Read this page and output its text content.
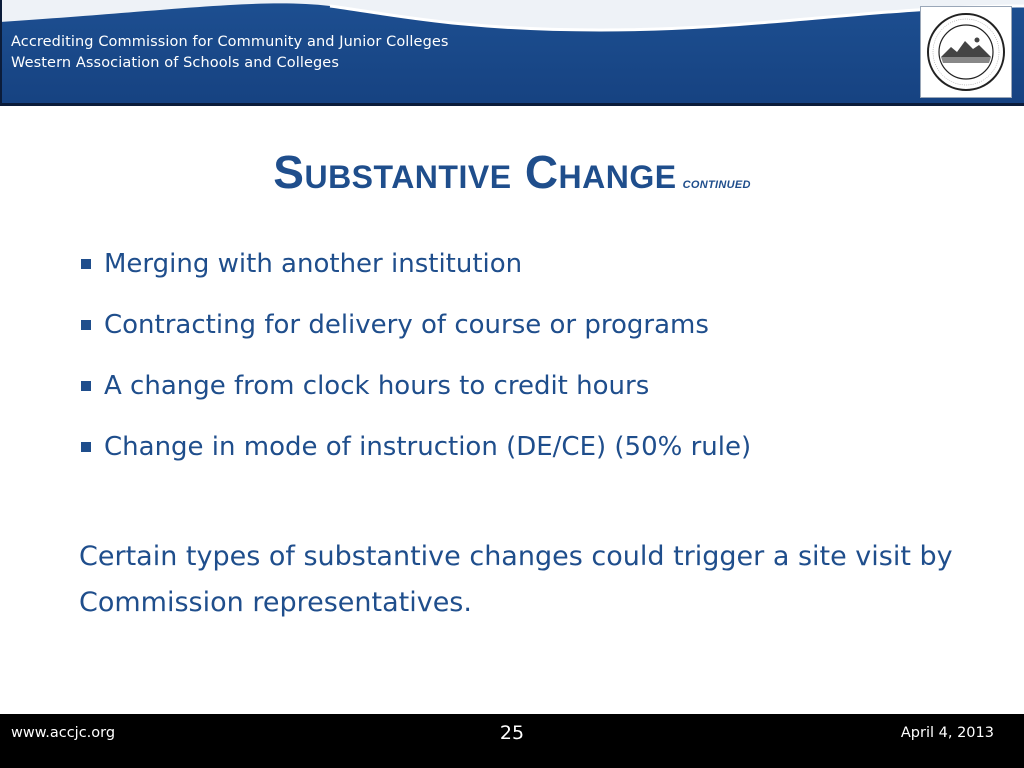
Accrediting Commission for Community and Junior Colleges
Western Association of Schools and Colleges
Substantive Change continued
Merging with another institution
Contracting for delivery of course or programs
A change from clock hours to credit hours
Change in mode of instruction (DE/CE) (50% rule)
Certain types of substantive changes could trigger a site visit by Commission representatives.
www.accjc.org	25	April 4, 2013
